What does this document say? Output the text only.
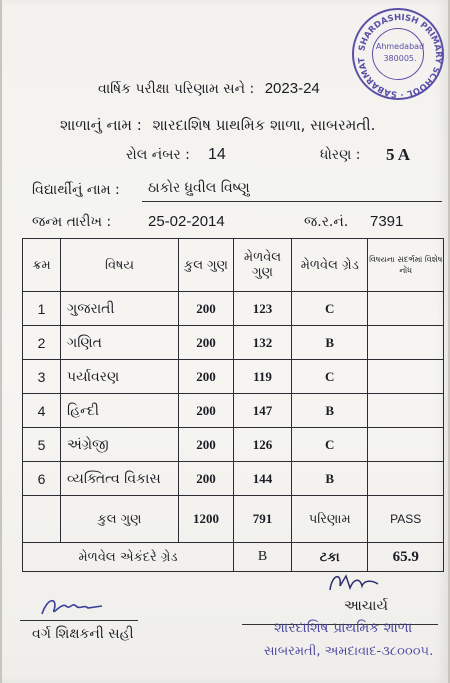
SHARDASHISH PRIMARY SCHOOL · SABARMAT
Ahmedabad
380005.
વાર્ષિક પરીક્ષા પરિણામ સને : 2023-24
શાળાનું નામ : શારદાશિષ પ્રાથમિક શાળા, સાબરમતી.
રોલ નંબર : 14	ધોરણ : 5 A
વિદ્યાર્થીનું નામ : ઠાકોર ધ્રુવીલ વિષ્ણુ
જન્મ તારીખ : 25-02-2014	જ.ર.નં. 7391
ક્રમ	વિષય	કુલ ગુણ	મેળવેલ ગુણ	મેળવેલ ગ્રેડ	વિષયના સંદર્ભમાં વિશેષ નોંધ
1	ગુજરાતી	200	123	C	
2	ગણિત	200	132	B	
3	પર્યાવરણ	200	119	C	
4	હિન્દી	200	147	B	
5	અંગ્રેજી	200	126	C	
6	વ્યક્તિત્વ વિકાસ	200	144	B	
	કુલ ગુણ	1200	791	પરિણામ	PASS
મેળવેલ એકંદરે ગ્રેડ			B	ટકા	65.9
વર્ગ શિક્ષકની સહી
આચાર્ય
શારદાશિષ પ્રાથમિક શાળા
સાબરમતી, અમદાવાદ-૩૮૦૦૦૫.
